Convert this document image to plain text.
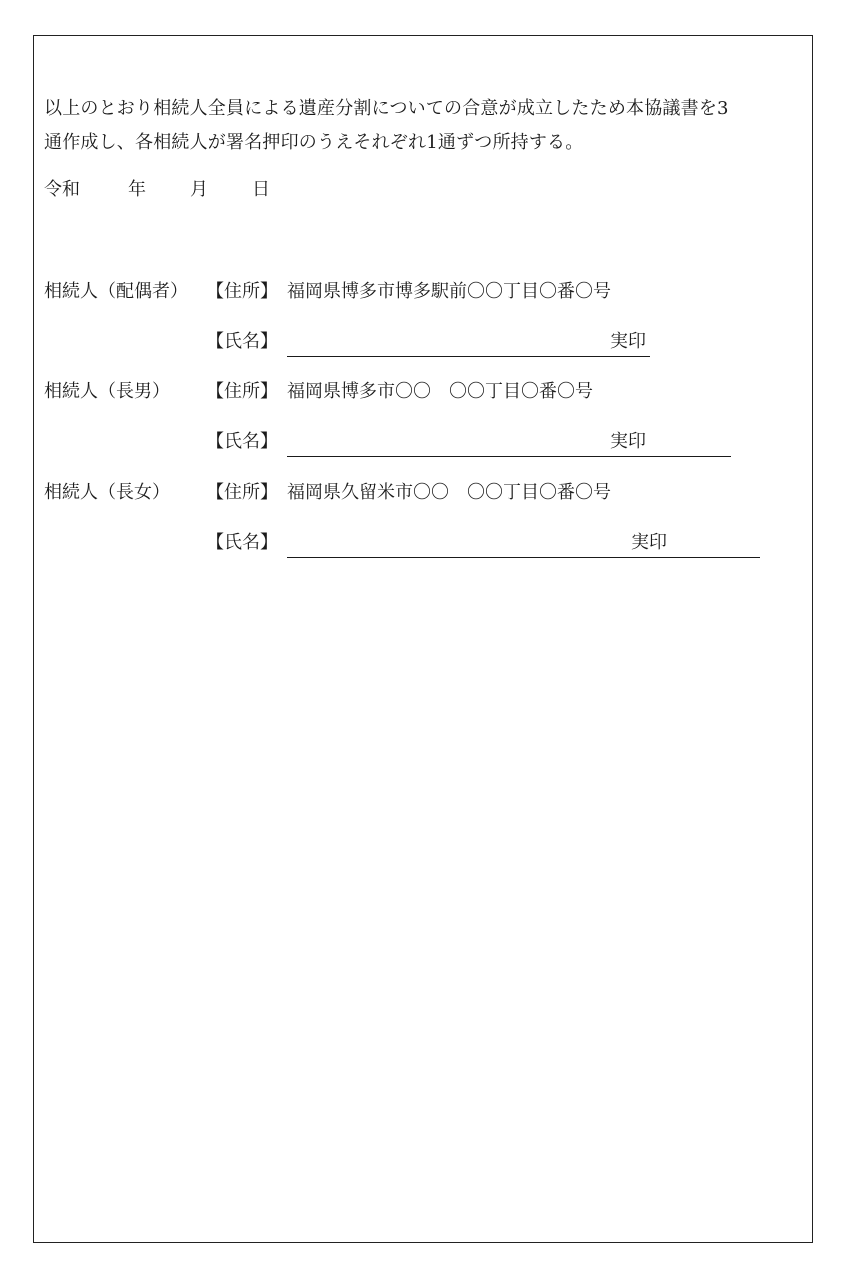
以上のとおり相続人全員による遺産分割についての合意が成立したため本協議書を3

通作成し、各相続人が署名押印のうえそれぞれ1通ずつ所持する。

令和	年 月 日
相続人（配偶者） 【住所】 福岡県博多市博多駅前〇〇丁目〇番〇号
【氏名】	実印
相続人（長男） 【住所】 福岡県博多市〇〇　〇〇丁目〇番〇号
【氏名】	実印
相続人（長女） 【住所】 福岡県久留米市〇〇　〇〇丁目〇番〇号
【氏名】	実印
